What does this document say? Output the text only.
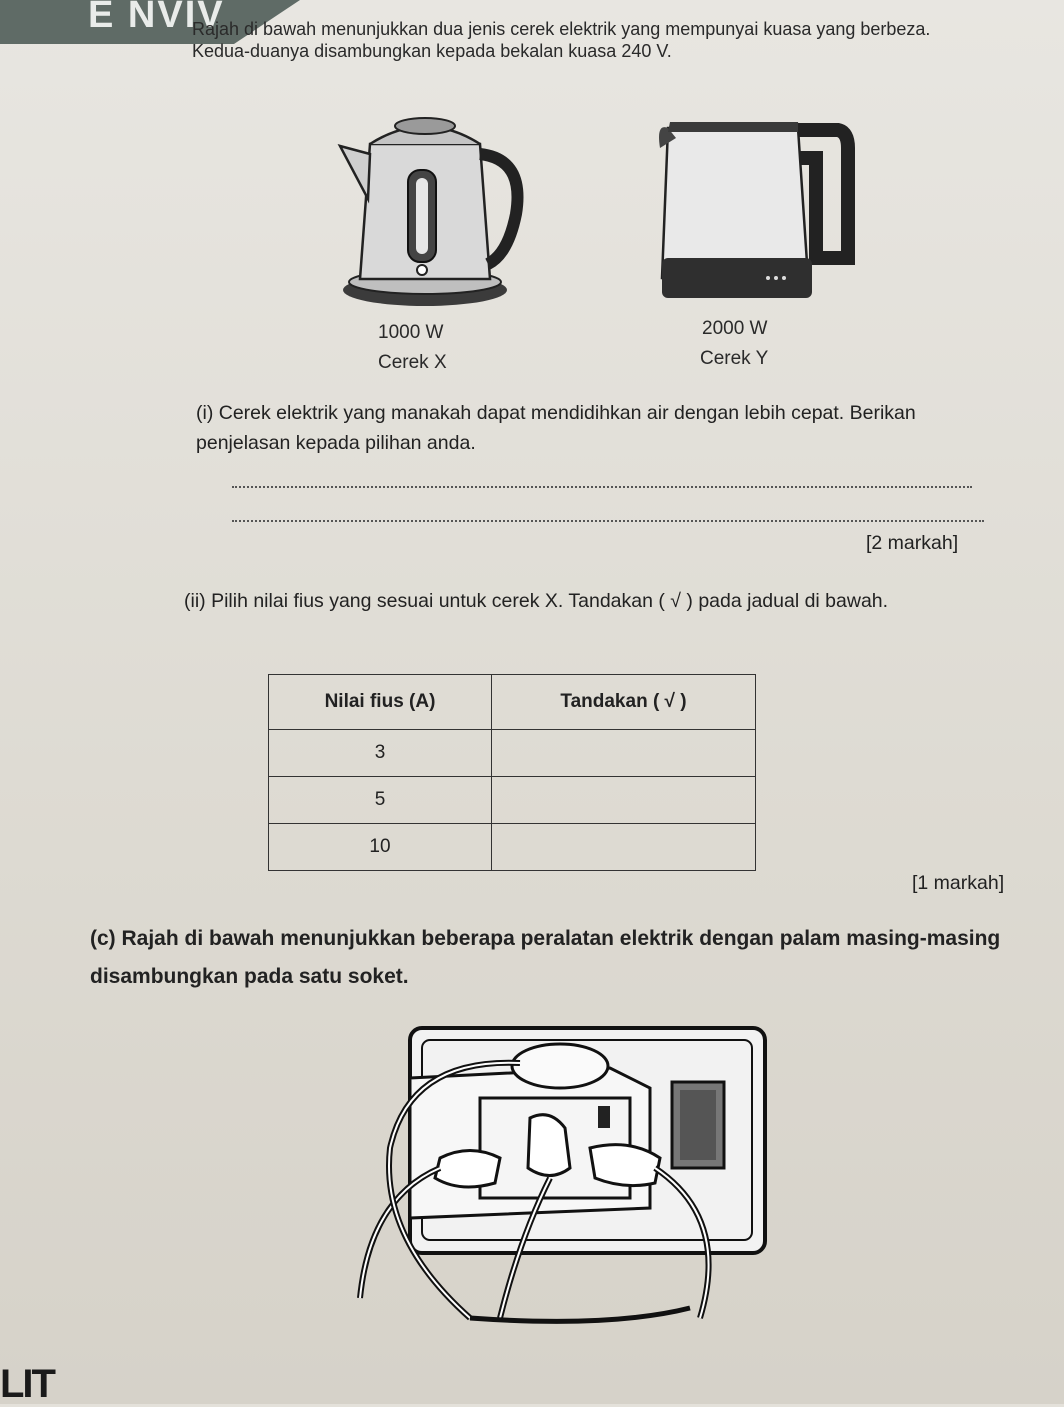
E NVIV
Rajah di bawah menunjukkan dua jenis cerek elektrik yang mempunyai kuasa yang berbeza. Kedua-duanya disambungkan kepada bekalan kuasa 240 V.
1000 W
Cerek X
2000 W
Cerek Y
(i) Cerek elektrik yang manakah dapat mendidihkan air dengan lebih cepat. Berikan penjelasan kepada pilihan anda.
[2 markah]
(ii) Pilih nilai fius yang sesuai untuk cerek X. Tandakan ( √ ) pada jadual di bawah.
Nilai fius (A)	Tandakan ( √ )
3	
5	
10	
[1 markah]
(c) Rajah di bawah menunjukkan beberapa peralatan elektrik dengan palam masing-masing disambungkan pada satu soket.
LIT
